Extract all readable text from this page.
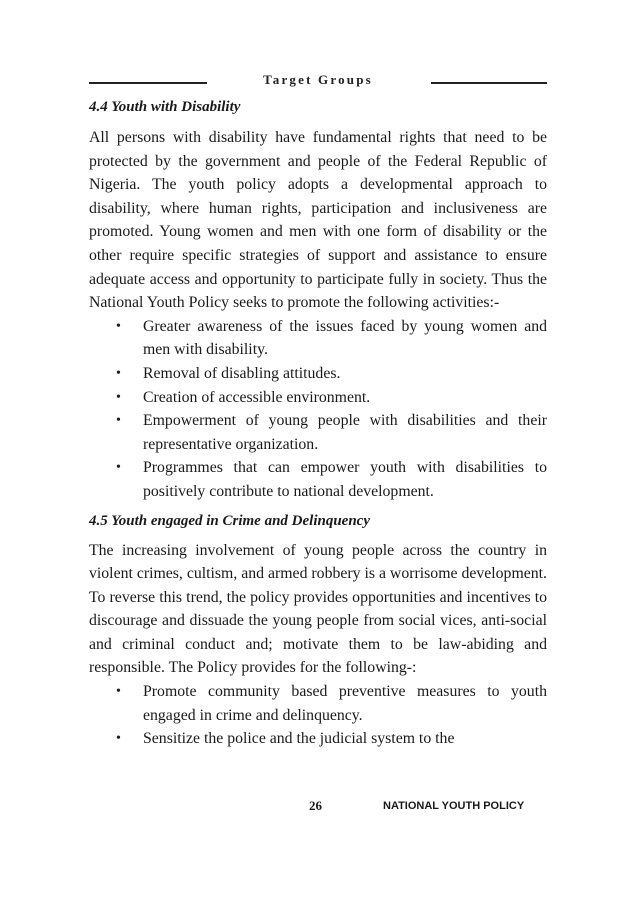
Target Groups
4.4 Youth with Disability

All persons with disability have fundamental rights that need to be protected by the government and people of the Federal Republic of Nigeria. The youth policy adopts a developmental approach to disability, where human rights, participation and inclusiveness are promoted. Young women and men with one form of disability or the other require specific strategies of support and assistance to ensure adequate access and opportunity to participate fully in society. Thus the National Youth Policy seeks to promote the following activities:-

• Greater awareness of the issues faced by young women and men with disability.
• Removal of disabling attitudes.
• Creation of accessible environment.
• Empowerment of young people with disabilities and their representative organization.
• Programmes that can empower youth with disabilities to positively contribute to national development.
4.5 Youth engaged in Crime and Delinquency

The increasing involvement of young people across the country in violent crimes, cultism, and armed robbery is a worrisome development. To reverse this trend, the policy provides opportunities and incentives to discourage and dissuade the young people from social vices, anti-social and criminal conduct and; motivate them to be law-abiding and responsible. The Policy provides for the following-:

• Promote community based preventive measures to youth engaged in crime and delinquency.
• Sensitize the police and the judicial system to the
26	NATIONAL YOUTH POLICY
